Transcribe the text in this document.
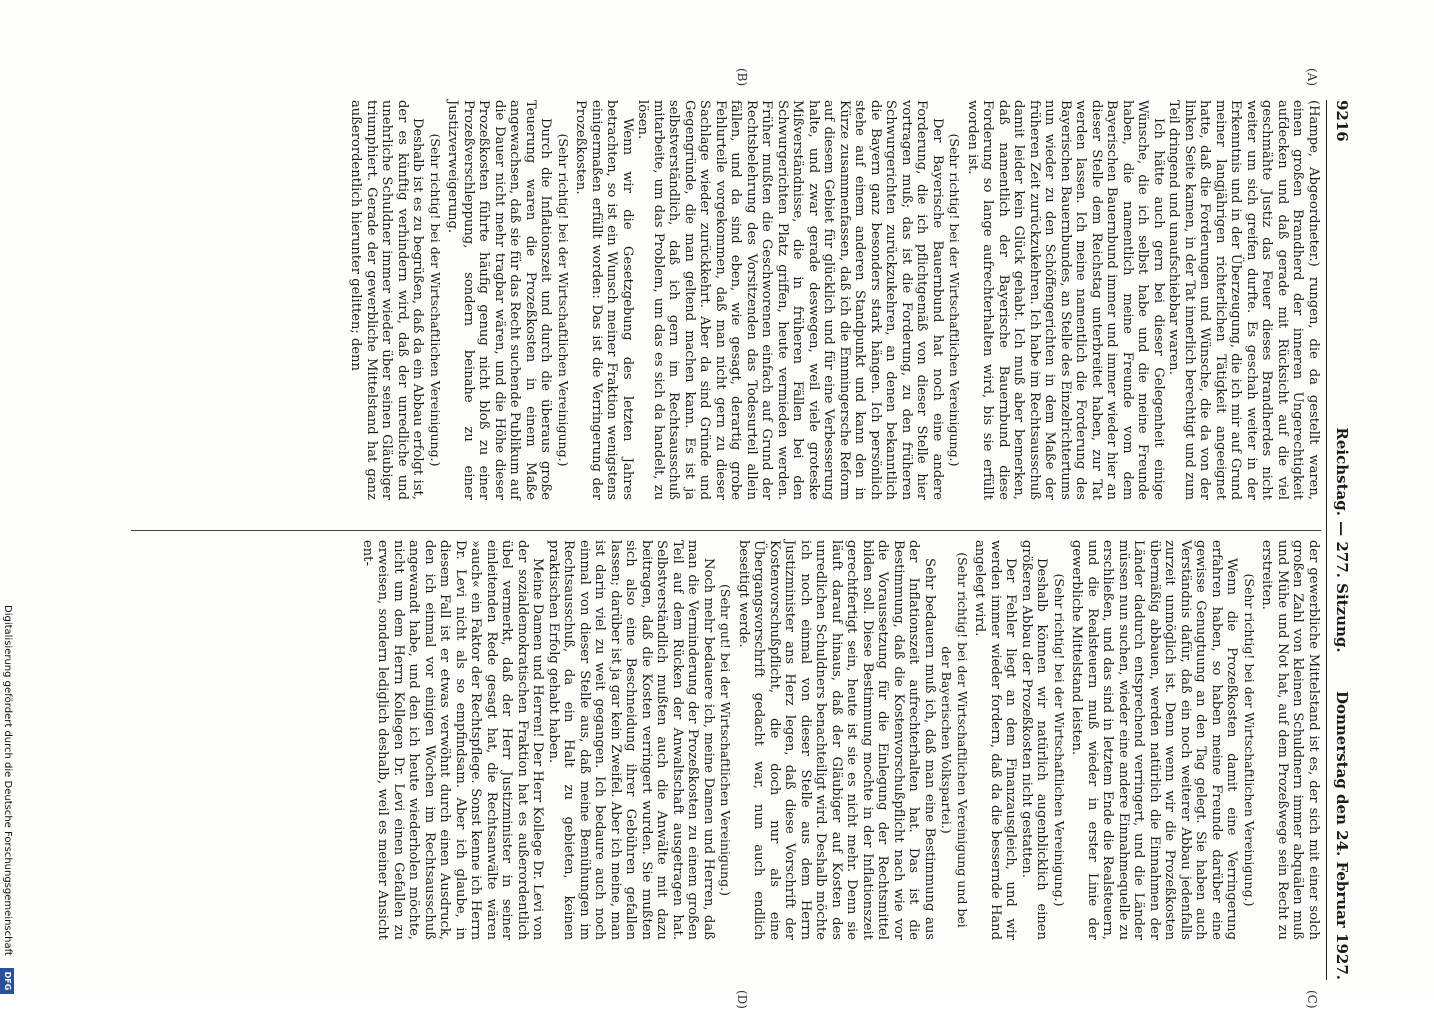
9216
Reichstag. — 277. Sitzung.
Donnerstag den 24. Februar 1927.
(A)
(B)
(C)
(D)

(Hampe, Abgeordneter.) rungen, die da gestellt waren, einen großen Brandherd der inneren Ungerechtigkeit aufdecken und daß gerade mit Rücksicht auf die viel geschmähte Justiz das Feuer dieses Brandherdes nicht weiter um sich greifen durfte. Es geschah weiter in der Erkenntnis und in der Überzeugung, die ich mir auf Grund meiner langjährigen richterlichen Tätigkeit angeeignet hatte, daß die Forderungen und Wünsche, die da von der linken Seite kamen, in der Tat innerlich berechtigt und zum Teil dringend und unaufschiebbar waren.

Ich hätte auch gern bei dieser Gelegenheit einige Wünsche, die ich selbst habe und die meine Freunde haben, die namentlich meine Freunde vom dem Bayerischen Bauernbund immer und immer wieder hier an dieser Stelle dem Reichstag unterbreitet haben, zur Tat werden lassen. Ich meine namentlich die Forderung des Bayerischen Bauernbundes, an Stelle des Einzelrichtertums nun wieder zu den Schöffengerichten in dem Maße der früheren Zeit zurückzukehren. Ich habe im Rechtsausschuß damit leider kein Glück gehabt. Ich muß aber bemerken, daß namentlich der Bayerische Bauernbund diese Forderung so lange aufrechterhalten wird, bis sie erfüllt worden ist.

(Sehr richtig! bei der Wirtschaftlichen Vereinigung.)

Der Bayerische Bauernbund hat noch eine andere Forderung, die ich pflichtgemäß von dieser Stelle hier vortragen muß; das ist die Forderung, zu den früheren Schwurgerichten zurückzukehren, an denen bekanntlich die Bayern ganz besonders stark hängen. Ich persönlich stehe auf einem anderen Standpunkt und kann den in Kürze zusammenfassen, daß ich die Emmingersche Reform auf diesem Gebiet für glücklich und für eine Verbesserung halte, und zwar gerade deswegen, weil viele groteske Mißverständnisse, die in früheren Fällen bei den Schwurgerichten Platz griffen, heute vermieden werden. Früher mußten die Geschworenen einfach auf Grund der Rechtsbelehrung des Vorsitzenden das Todesurteil allein fällen, und da sind eben, wie gesagt, derartig grobe Fehlurteile vorgekommen, daß man nicht gern zu dieser Sachlage wieder zurückkehrt. Aber da sind Gründe und Gegengründe, die man geltend machen kann. Es ist ja selbstverständlich, daß ich gern im Rechtsausschuß mitarbeite, um das Problem, um das es sich da handelt, zu lösen.

Wenn wir die Gesetzgebung des letzten Jahres betrachten, so ist ein Wunsch meiner Fraktion wenigstens einigermaßen erfüllt worden: Das ist die Verringerung der Prozeßkosten.

(Sehr richtig! bei der Wirtschaftlichen Vereinigung.)

Durch die Inflationszeit und durch die überaus große Teuerung waren die Prozeßkosten in einem Maße angewachsen, daß sie für das Recht suchende Publikum auf die Dauer nicht mehr tragbar wären, und die Höhe dieser Prozeßkosten führte häufig genug nicht bloß zu einer Prozeßverschleppung, sondern beinahe zu einer Justizverweigerung.

(Sehr richtig! bei der Wirtschaftlichen Vereinigung.)

Deshalb ist es zu begrüßen, daß da ein Abbau erfolgt ist, der es künftig verhindern wird, daß der unredliche und unehrliche Schuldner immer wieder über seinen Gläubiger triumphiert. Gerade der gewerbliche Mittelstand hat ganz außerordentlich hierunter gelitten; denn

der gewerbliche Mittelstand ist es, der sich mit einer solch großen Zahl von kleinen Schuldnern immer abquälen muß und Mühe und Not hat, auf dem Prozeßwege sein Recht zu erstreiten.

(Sehr richtig! bei der Wirtschaftlichen Vereinigung.)

Wenn die Prozeßkosten damit eine Verringerung erfahren haben, so haben meine Freunde darüber eine gewisse Genugtuung an den Tag gelegt. Sie haben auch Verständnis dafür, daß ein noch weiterer Abbau jedenfalls zurzeit unmöglich ist. Denn wenn wir die Prozeßkosten übermäßig abbauen, werden natürlich die Einnahmen der Länder dadurch entsprechend verringert, und die Länder müssen nun suchen, wieder eine andere Einnahmequelle zu erschließen, und das sind in letztem Ende die Realsteuern, und die Realsteuern muß wieder in erster Linie der gewerbliche Mittelstand leisten.

(Sehr richtig! bei der Wirtschaftlichen Vereinigung.)

Deshalb können wir natürlich augenblicklich einen größeren Abbau der Prozeßkosten nicht gestatten.

Der Fehler liegt an dem Finanzausgleich, und wir werden immer wieder fordern, daß da die bessernde Hand angelegt wird.

(Sehr richtig! bei der Wirtschaftlichen Vereinigung und bei der Bayerischen Volkspartei.)

Sehr bedauern muß ich, daß man eine Bestimmung aus der Inflationszeit aufrechterhalten hat. Das ist die Bestimmung, daß die Kostenvorschußpflicht nach wie vor die Voraussetzung für die Einlegung der Rechtsmittel bilden soll. Diese Bestimmung mochte in der Inflationszeit gerechtfertigt sein, heute ist sie es nicht mehr. Denn sie läuft darauf hinaus, daß der Gläubiger auf Kosten des unredlichen Schuldners benachteiligt wird. Deshalb möchte ich noch einmal von dieser Stelle aus dem Herrn Justizminister ans Herz legen, daß diese Vorschrift der Kostenvorschußpflicht, die doch nur als eine Übergangsvorschrift gedacht war, nun auch endlich beseitigt werde.

(Sehr gut! bei der Wirtschaftlichen Vereinigung.)

Noch mehr bedauere ich, meine Damen und Herren, daß man die Verminderung der Prozeßkosten zu einem großen Teil auf dem Rücken der Anwaltschaft ausgetragen hat. Selbstverständlich mußten auch die Anwälte mit dazu beitragen, daß die Kosten verringert wurden. Sie mußten sich also eine Beschneidung ihrer Gebühren gefallen lassen; darüber ist ja gar kein Zweifel. Aber ich meine, man ist darin viel zu weit gegangen. Ich bedaure auch noch einmal von dieser Stelle aus, daß meine Bemühungen im Rechtsausschuß, da ein Halt zu gebieten, keinen praktischen Erfolg gehabt haben.

Meine Damen und Herren! Der Herr Kollege Dr. Levi von der sozialdemokratischen Fraktion hat es außerordentlich übel vermerkt, daß der Herr Justizminister in seiner einleitenden Rede gesagt hat, die Rechtsanwälte wären »auch« ein Faktor der Rechtspflege. Sonst kenne ich Herrn Dr. Levi nicht als so empfindsam. Aber ich glaube, in diesem Fall ist er etwas verwöhnt durch einen Ausdruck, den ich einmal vor einigen Wochen im Rechtsausschuß angewandt habe, und den ich heute wiederholen möchte, nicht um dem Herrn Kollegen Dr. Levi einen Gefallen zu erweisen, sondern lediglich deshalb, weil es meiner Ansicht ent-

Digitalisierung gefördert durch die Deutsche Forschungsgemeinschaft
DFG
